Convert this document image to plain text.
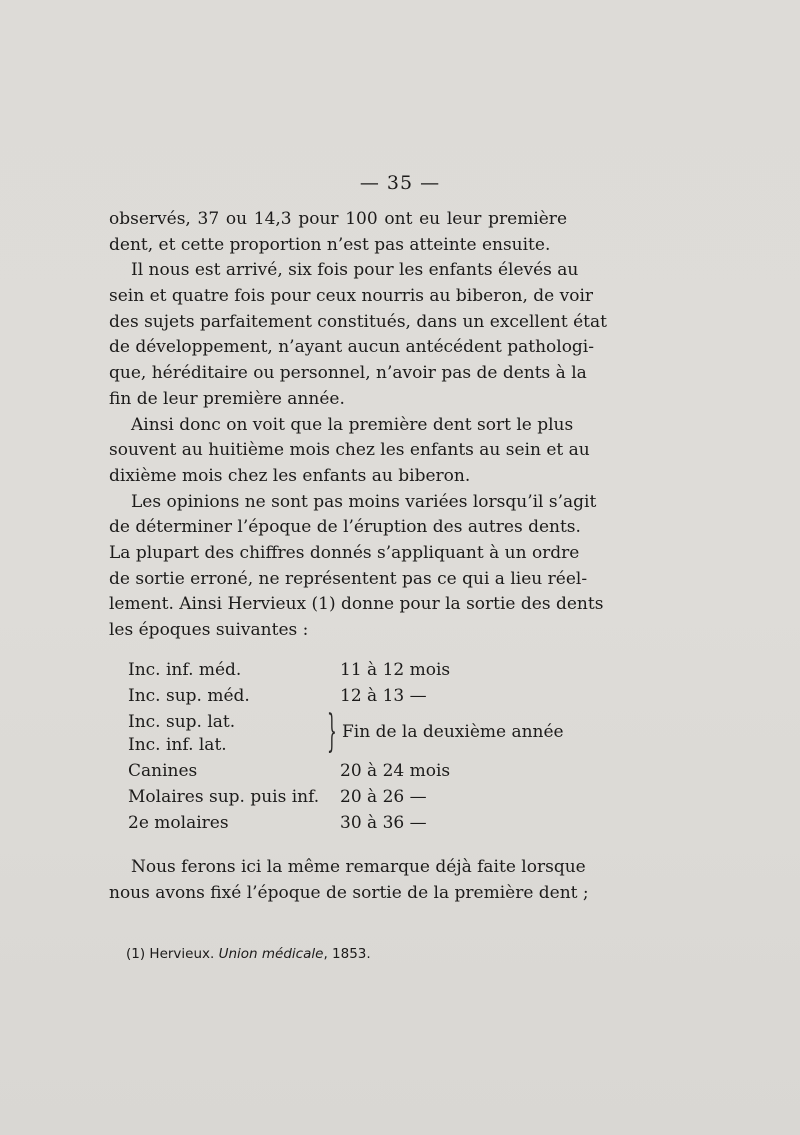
— 35 —
observés, 37 ou 14,3 pour 100 ont eu leur première
dent, et cette proportion n’est pas atteinte ensuite.
Il nous est arrivé, six fois pour les enfants élevés au
sein et quatre fois pour ceux nourris au biberon, de voir
des sujets parfaitement constitués, dans un excellent état
de développement, n’ayant aucun antécédent pathologi-
que, héréditaire ou personnel, n’avoir pas de dents à la
fin de leur première année.
Ainsi donc on voit que la première dent sort le plus
souvent au huitième mois chez les enfants au sein et au
dixième mois chez les enfants au biberon.
Les opinions ne sont pas moins variées lorsqu’il s’agit
de déterminer l’époque de l’éruption des autres dents.
La plupart des chiffres donnés s’appliquant à un ordre
de sortie erroné, ne représentent pas ce qui a lieu réel-
lement. Ainsi Hervieux (1) donne pour la sortie des dents
les époques suivantes :
Inc. inf. méd.	11 à 12 mois
Inc. sup. méd.	12 à 13 —
Inc. sup. lat.
Inc. inf. lat. } Fin de la deuxième année
Canines	20 à 24 mois
Molaires sup. puis inf. 20 à 26 —
2e molaires	30 à 36 —
Nous ferons ici la même remarque déjà faite lorsque
nous avons fixé l’époque de sortie de la première dent ;
(1) Hervieux. Union médicale, 1853.
